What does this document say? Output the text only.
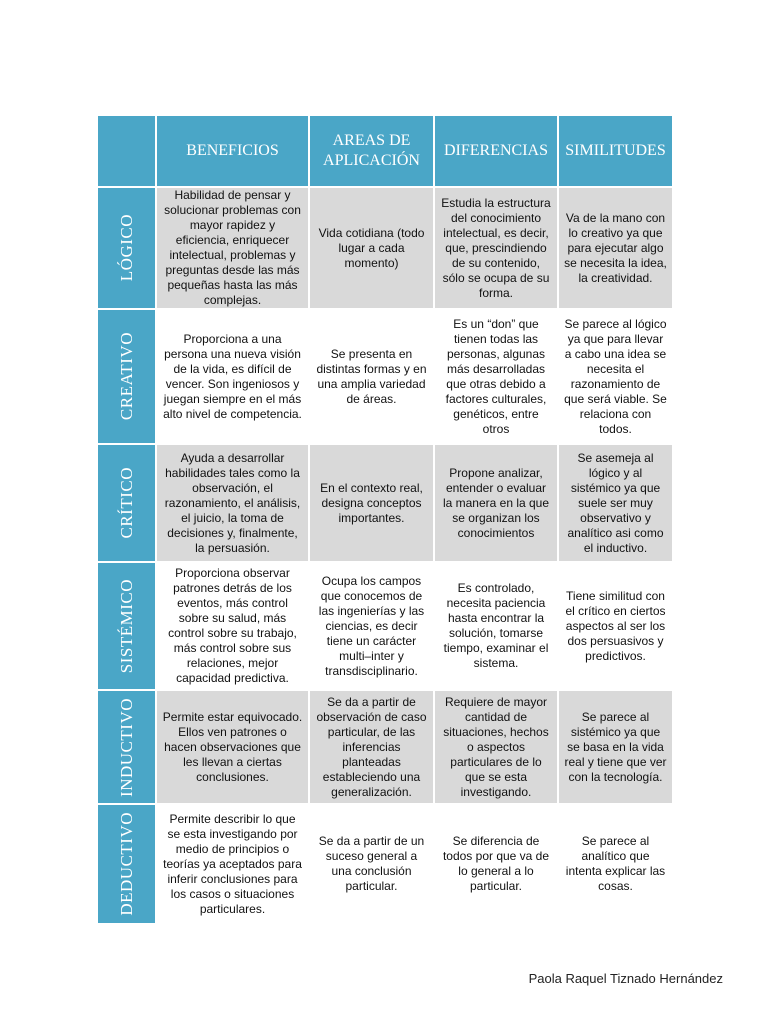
	BENEFICIOS	AREAS DE APLICACIÓN	DIFERENCIAS	SIMILITUDES

LÓGICO	Habilidad de pensar y solucionar problemas con mayor rapidez y eficiencia, enriquecer intelectual, problemas y preguntas desde las más pequeñas hasta las más complejas.	Vida cotidiana (todo lugar a cada momento)	Estudia la estructura del conocimiento intelectual, es decir, que, prescindiendo de su contenido, sólo se ocupa de su forma.	Va de la mano con lo creativo ya que para ejecutar algo se necesita la idea, la creatividad.

CREATIVO	Proporciona a una persona una nueva visión de la vida, es difícil de vencer. Son ingeniosos y juegan siempre en el más alto nivel de competencia.	Se presenta en distintas formas y en una amplia variedad de áreas.	Es un “don” que tienen todas las personas, algunas más desarrolladas que otras debido a factores culturales, genéticos, entre otros	Se parece al lógico ya que para llevar a cabo una idea se necesita el razonamiento de que será viable. Se relaciona con todos.

CRÍTICO	Ayuda a desarrollar habilidades tales como la observación, el razonamiento, el análisis, el juicio, la toma de decisiones y, finalmente, la persuasión.	En el contexto real, designa conceptos importantes.	Propone analizar, entender o evaluar la manera en la que se organizan los conocimientos	Se asemeja al lógico y al sistémico ya que suele ser muy observativo y analítico asi como el inductivo.

SISTÉMICO	Proporciona observar patrones detrás de los eventos, más control sobre su salud, más control sobre su trabajo, más control sobre sus relaciones, mejor capacidad predictiva.	Ocupa los campos que conocemos de las ingenierías y las ciencias, es decir tiene un carácter multi–inter y transdisciplinario.	Es controlado, necesita paciencia hasta encontrar la solución, tomarse tiempo, examinar el sistema.	Tiene similitud con el crítico en ciertos aspectos al ser los dos persuasivos y predictivos.

INDUCTIVO	Permite estar equivocado. Ellos ven patrones o hacen observaciones que les llevan a ciertas conclusiones.	Se da a partir de observación de caso particular, de las inferencias planteadas estableciendo una generalización.	Requiere de mayor cantidad de situaciones, hechos o aspectos particulares de lo que se esta investigando.	Se parece al sistémico ya que se basa en la vida real y tiene que ver con la tecnología.

DEDUCTIVO	Permite describir lo que se esta investigando por medio de principios o teorías ya aceptados para inferir conclusiones para los casos o situaciones particulares.	Se da a partir de un suceso general a una conclusión particular.	Se diferencia de todos por que va de lo general a lo particular.	Se parece al analítico que intenta explicar las cosas.
Paola Raquel Tiznado Hernández
